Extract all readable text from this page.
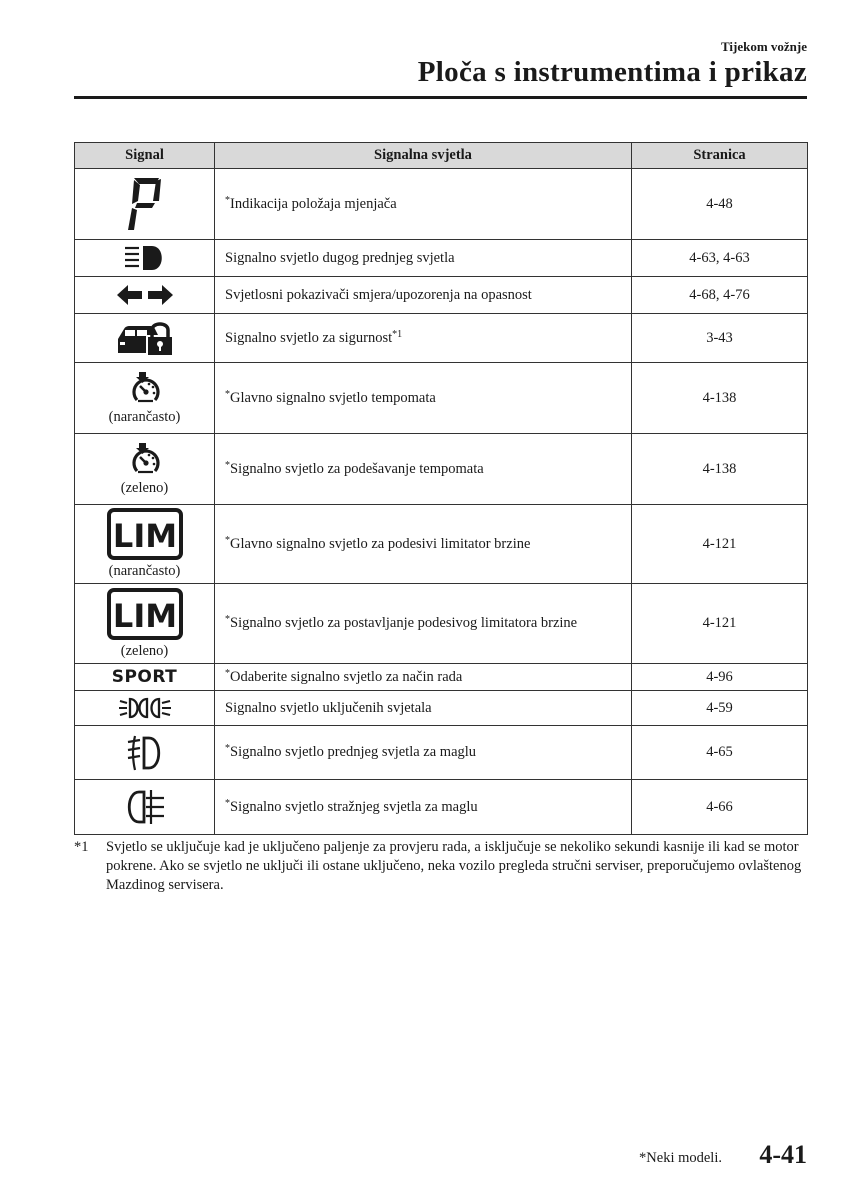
Tijekom vožnje
Ploča s instrumentima i prikaz
Signal	Signalna svjetla	Stranica

	*Indikacija položaja mjenjača	4-48

	Signalno svjetlo dugog prednjeg svjetla	4-63, 4-63

	Svjetlosni pokazivači smjera/upozorenja na opasnost	4-68, 4-76

	Signalno svjetlo za sigurnost$^{*1}$	3-43

(narančasto)	*Glavno signalno svjetlo tempomata	4-138

(zeleno)	*Signalno svjetlo za podešavanje tempomata	4-138

LIM
(narančasto)	*Glavno signalno svjetlo za podesivi limitator brzine	4-121

LIM
(zeleno)	*Signalno svjetlo za postavljanje podesivog limitatora brzine	4-121
SPORT	*Odaberite signalno svjetlo za način rada	4-96

	Signalno svjetlo uključenih svjetala	4-59

	*Signalno svjetlo prednjeg svjetla za maglu	4-65

	*Signalno svjetlo stražnjeg svjetla za maglu	4-66
*1	Svjetlo se uključuje kad je uključeno paljenje za provjeru rada, a isključuje se nekoliko sekundi kasnije ili kad se motor pokrene. Ako se svjetlo ne uključi ili ostane uključeno, neka vozilo pregleda stručni serviser, preporučujemo ovlaštenog Mazdinog servisera.
*Neki modeli. 4-41
